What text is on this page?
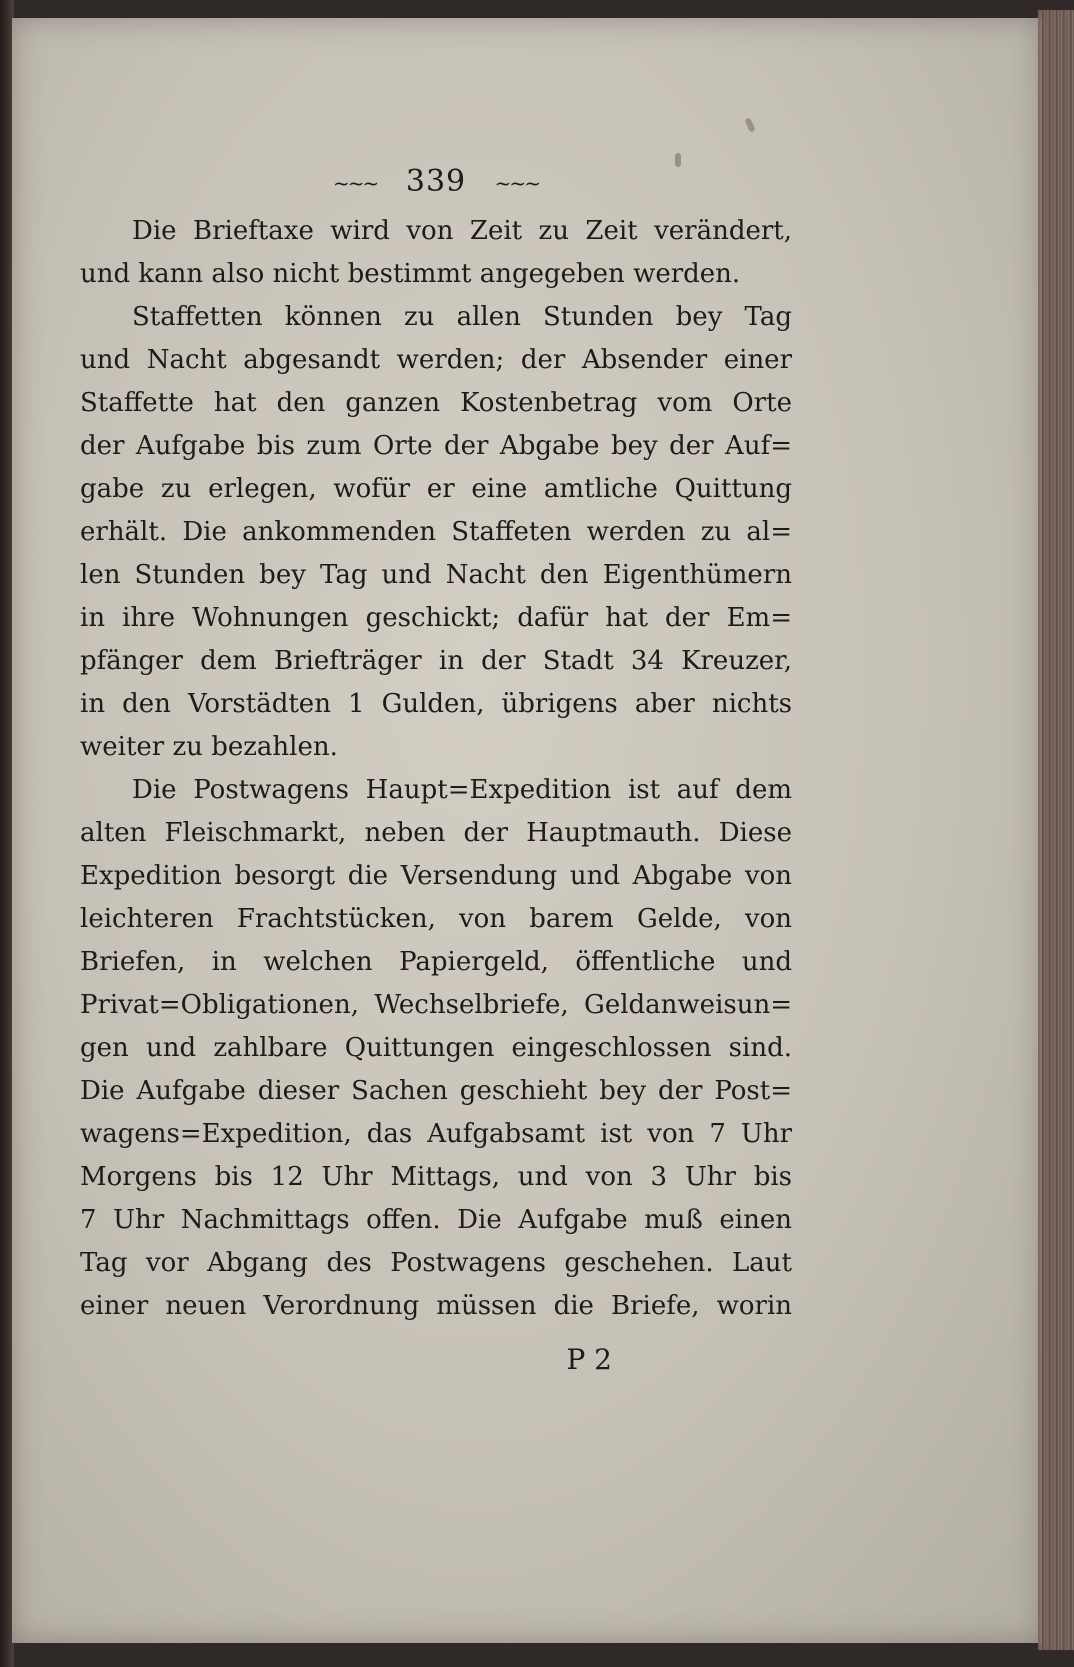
~~~ 339 ~~~
Die Brieftaxe wird von Zeit zu Zeit verändert,
und kann also nicht bestimmt angegeben werden.
Staffetten können zu allen Stunden bey Tag
und Nacht abgesandt werden; der Absender einer
Staffette hat den ganzen Kostenbetrag vom Orte
der Aufgabe bis zum Orte der Abgabe bey der Auf=
gabe zu erlegen, wofür er eine amtliche Quittung
erhält. Die ankommenden Staffeten werden zu al=
len Stunden bey Tag und Nacht den Eigenthümern
in ihre Wohnungen geschickt; dafür hat der Em=
pfänger dem Briefträger in der Stadt 34 Kreuzer,
in den Vorstädten 1 Gulden, übrigens aber nichts
weiter zu bezahlen.
Die Postwagens Haupt=Expedition ist auf dem
alten Fleischmarkt, neben der Hauptmauth. Diese
Expedition besorgt die Versendung und Abgabe von
leichteren Frachtstücken, von barem Gelde, von
Briefen, in welchen Papiergeld, öffentliche und
Privat=Obligationen, Wechselbriefe, Geldanweisun=
gen und zahlbare Quittungen eingeschlossen sind.
Die Aufgabe dieser Sachen geschieht bey der Post=
wagens=Expedition, das Aufgabsamt ist von 7 Uhr
Morgens bis 12 Uhr Mittags, und von 3 Uhr bis
7 Uhr Nachmittags offen. Die Aufgabe muß einen
Tag vor Abgang des Postwagens geschehen. Laut
einer neuen Verordnung müssen die Briefe, worin
P 2
